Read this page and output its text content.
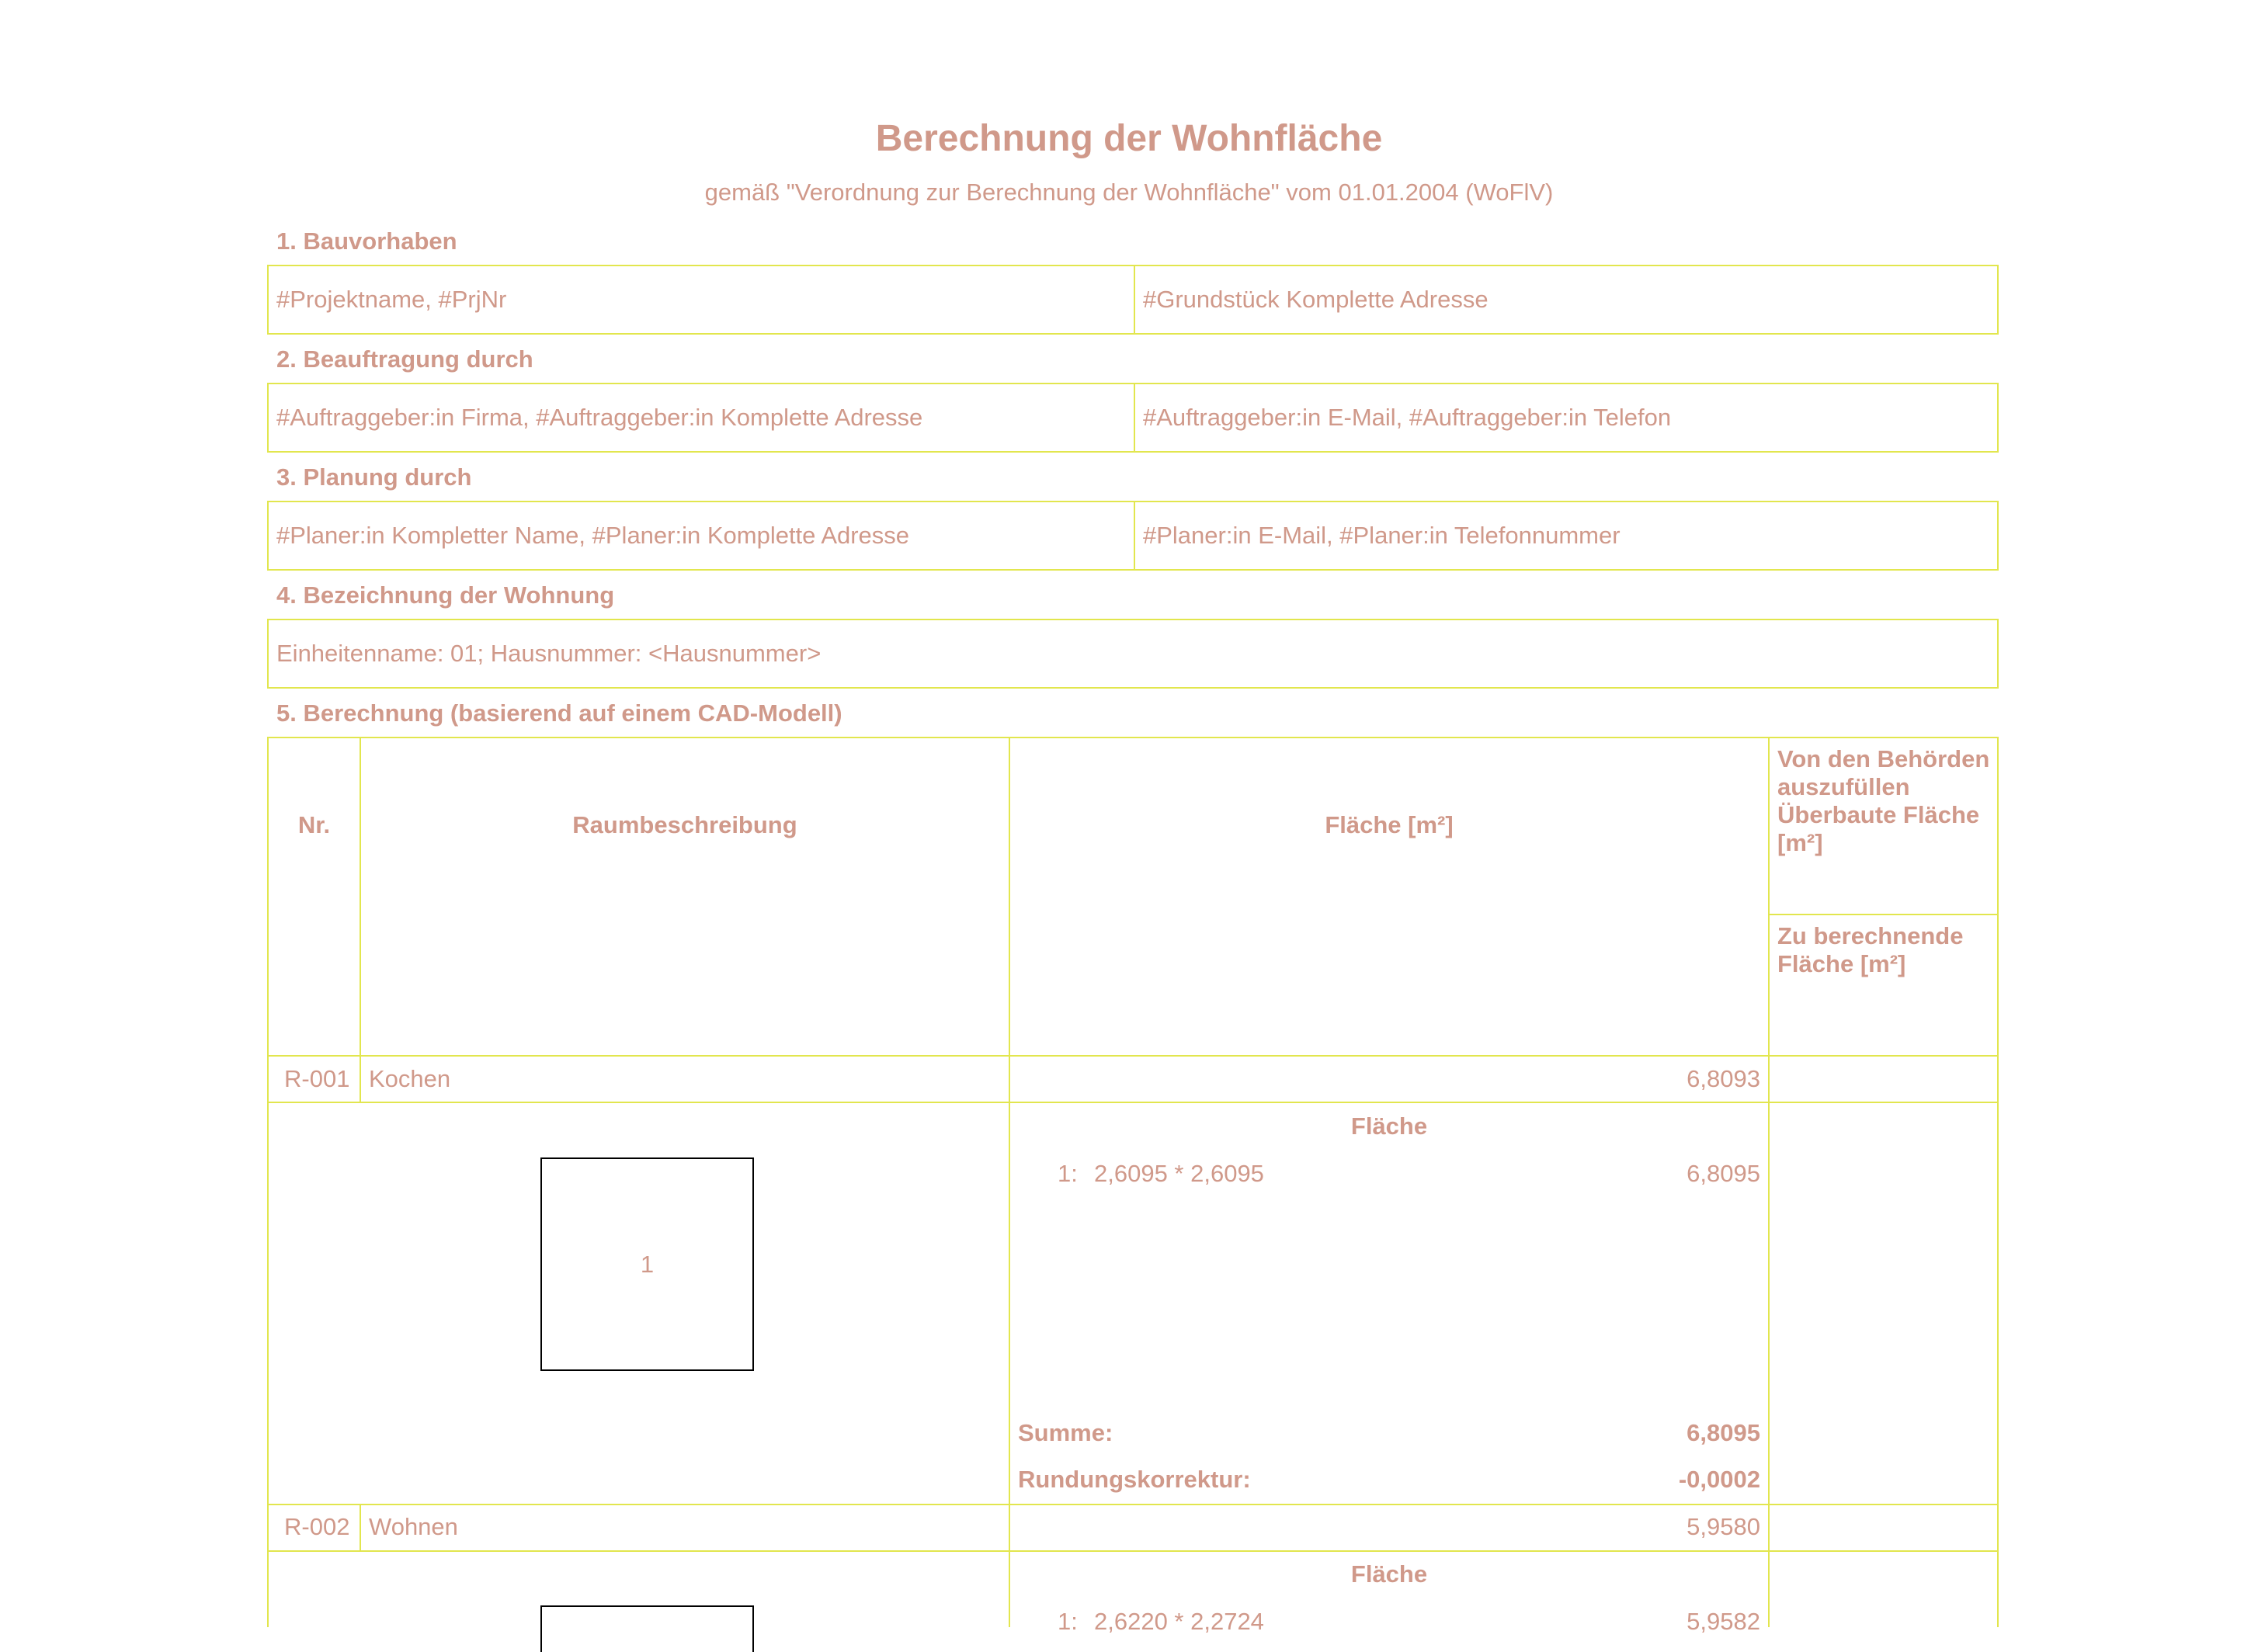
Berechnung der Wohnfläche
gemäß "Verordnung zur Berechnung der Wohnfläche" vom 01.01.2004 (WoFlV)
1. Bauvorhaben
#Projektname, #PrjNr	#Grundstück Komplette Adresse
2. Beauftragung durch
#Auftraggeber:in Firma, #Auftraggeber:in Komplette Adresse	#Auftraggeber:in E-Mail, #Auftraggeber:in Telefon
3. Planung durch
#Planer:in Kompletter Name, #Planer:in Komplette Adresse	#Planer:in E-Mail, #Planer:in Telefonnummer
4. Bezeichnung der Wohnung
Einheitenname: 01; Hausnummer: <Hausnummer>
5. Berechnung (basierend auf einem CAD-Modell)
Nr.	Raumbeschreibung	Fläche [m²]
Von den Behörden auszufüllen Überbaute Fläche [m²]
Zu berechnende Fläche [m²]
R-001 Kochen	6,8093
Fläche
1
1: 2,6095 * 2,6095	6,8095
Summe:	6,8095
Rundungskorrektur:	-0,0002
R-002 Wohnen	5,9580
Fläche
1: 2,6220 * 2,2724	5,9582
